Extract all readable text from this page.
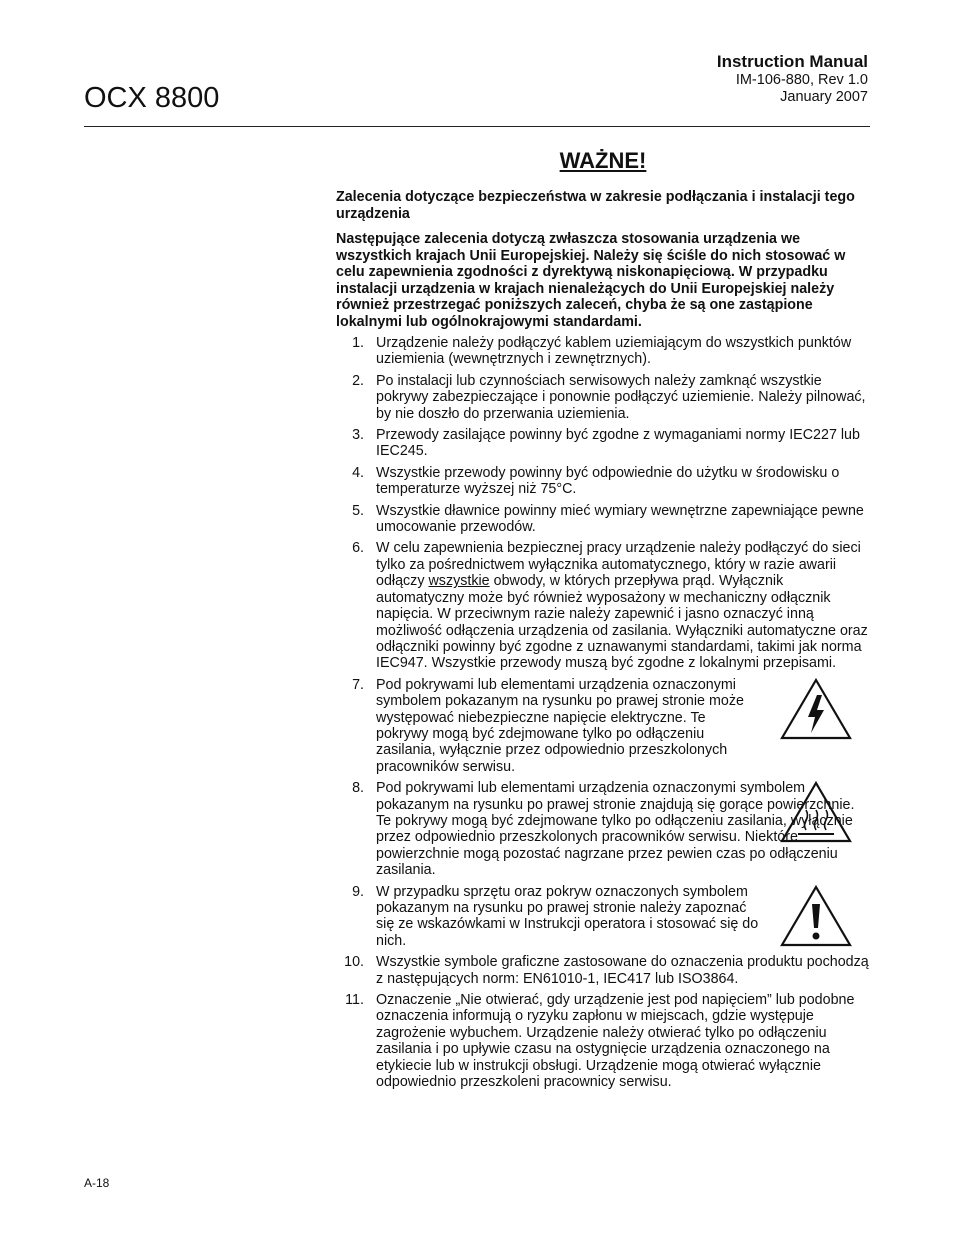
OCX 8800
Instruction Manual
IM-106-880, Rev 1.0
January 2007
WAŻNE!

Zalecenia dotyczące bezpieczeństwa w zakresie podłączania i instalacji tego urządzenia

Następujące zalecenia dotyczą zwłaszcza stosowania urządzenia we wszystkich krajach Unii Europejskiej. Należy się ściśle do nich stosować w celu zapewnienia zgodności z dyrektywą niskonapięciową. W przypadku instalacji urządzenia w krajach nienależących do Unii Europejskiej należy również przestrzegać poniższych zaleceń, chyba że są one zastąpione lokalnymi lub ogólnokrajowymi standardami.

1. Urządzenie należy podłączyć kablem uziemiającym do wszystkich punktów uziemienia (wewnętrznych i zewnętrznych).
2. Po instalacji lub czynnościach serwisowych należy zamknąć wszystkie pokrywy zabezpieczające i ponownie podłączyć uziemienie. Należy pilnować, by nie doszło do przerwania uziemienia.
3. Przewody zasilające powinny być zgodne z wymaganiami normy IEC227 lub IEC245.
4. Wszystkie przewody powinny być odpowiednie do użytku w środowisku o temperaturze wyższej niż 75°C.
5. Wszystkie dławnice powinny mieć wymiary wewnętrzne zapewniające pewne umocowanie przewodów.
6. W celu zapewnienia bezpiecznej pracy urządzenie należy podłączyć do sieci tylko za pośrednictwem wyłącznika automatycznego, który w razie awarii odłączy wszystkie obwody, w których przepływa prąd. Wyłącznik automatyczny może być również wyposażony w mechaniczny odłącznik napięcia. W przeciwnym razie należy zapewnić i jasno oznaczyć inną możliwość odłączenia urządzenia od zasilania. Wyłączniki automatyczne oraz odłączniki powinny być zgodne z uznawanymi standardami, takimi jak norma IEC947. Wszystkie przewody muszą być zgodne z lokalnymi przepisami.
7. Pod pokrywami lub elementami urządzenia oznaczonymi symbolem pokazanym na rysunku po prawej stronie może występować niebezpieczne napięcie elektryczne. Te pokrywy mogą być zdejmowane tylko po odłączeniu zasilania, wyłącznie przez odpowiednio przeszkolonych pracowników serwisu.
8. Pod pokrywami lub elementami urządzenia oznaczonymi symbolem pokazanym na rysunku po prawej stronie znajdują się gorące powierzchnie. Te pokrywy mogą być zdejmowane tylko po odłączeniu zasilania, wyłącznie przez odpowiednio przeszkolonych pracowników serwisu. Niektóre powierzchnie mogą pozostać nagrzane przez pewien czas po odłączeniu zasilania.
9. W przypadku sprzętu oraz pokryw oznaczonych symbolem pokazanym na rysunku po prawej stronie należy zapoznać się ze wskazówkami w Instrukcji operatora i stosować się do nich.
10. Wszystkie symbole graficzne zastosowane do oznaczenia produktu pochodzą z następujących norm: EN61010-1, IEC417 lub ISO3864.
11. Oznaczenie „Nie otwierać, gdy urządzenie jest pod napięciem” lub podobne oznaczenia informują o ryzyku zapłonu w miejscach, gdzie występuje zagrożenie wybuchem. Urządzenie należy otwierać tylko po odłączeniu zasilania i po upływie czasu na ostygnięcie urządzenia oznaczonego na etykiecie lub w instrukcji obsługi. Urządzenie mogą otwierać wyłącznie odpowiednio przeszkoleni pracownicy serwisu.
A-18
